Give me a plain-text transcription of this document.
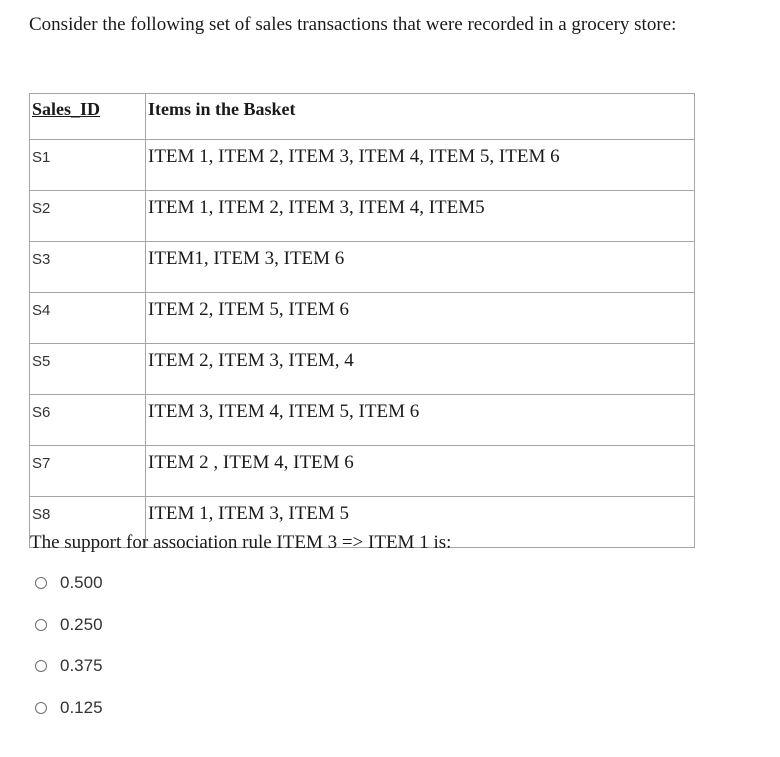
Consider the following set of sales transactions that were recorded in a grocery store:
Sales_ID	Items in the Basket
S1	ITEM 1, ITEM 2, ITEM 3, ITEM 4, ITEM 5, ITEM 6
S2	ITEM 1, ITEM 2, ITEM 3, ITEM 4, ITEM5
S3	ITEM1, ITEM 3, ITEM 6
S4	ITEM 2, ITEM 5, ITEM 6
S5	ITEM 2, ITEM 3, ITEM, 4
S6	ITEM 3, ITEM 4, ITEM 5, ITEM 6
S7	ITEM 2 , ITEM 4, ITEM 6
S8	ITEM 1, ITEM 3, ITEM 5
The support for association rule ITEM 3 => ITEM 1 is:
0.500
0.250
0.375
0.125
